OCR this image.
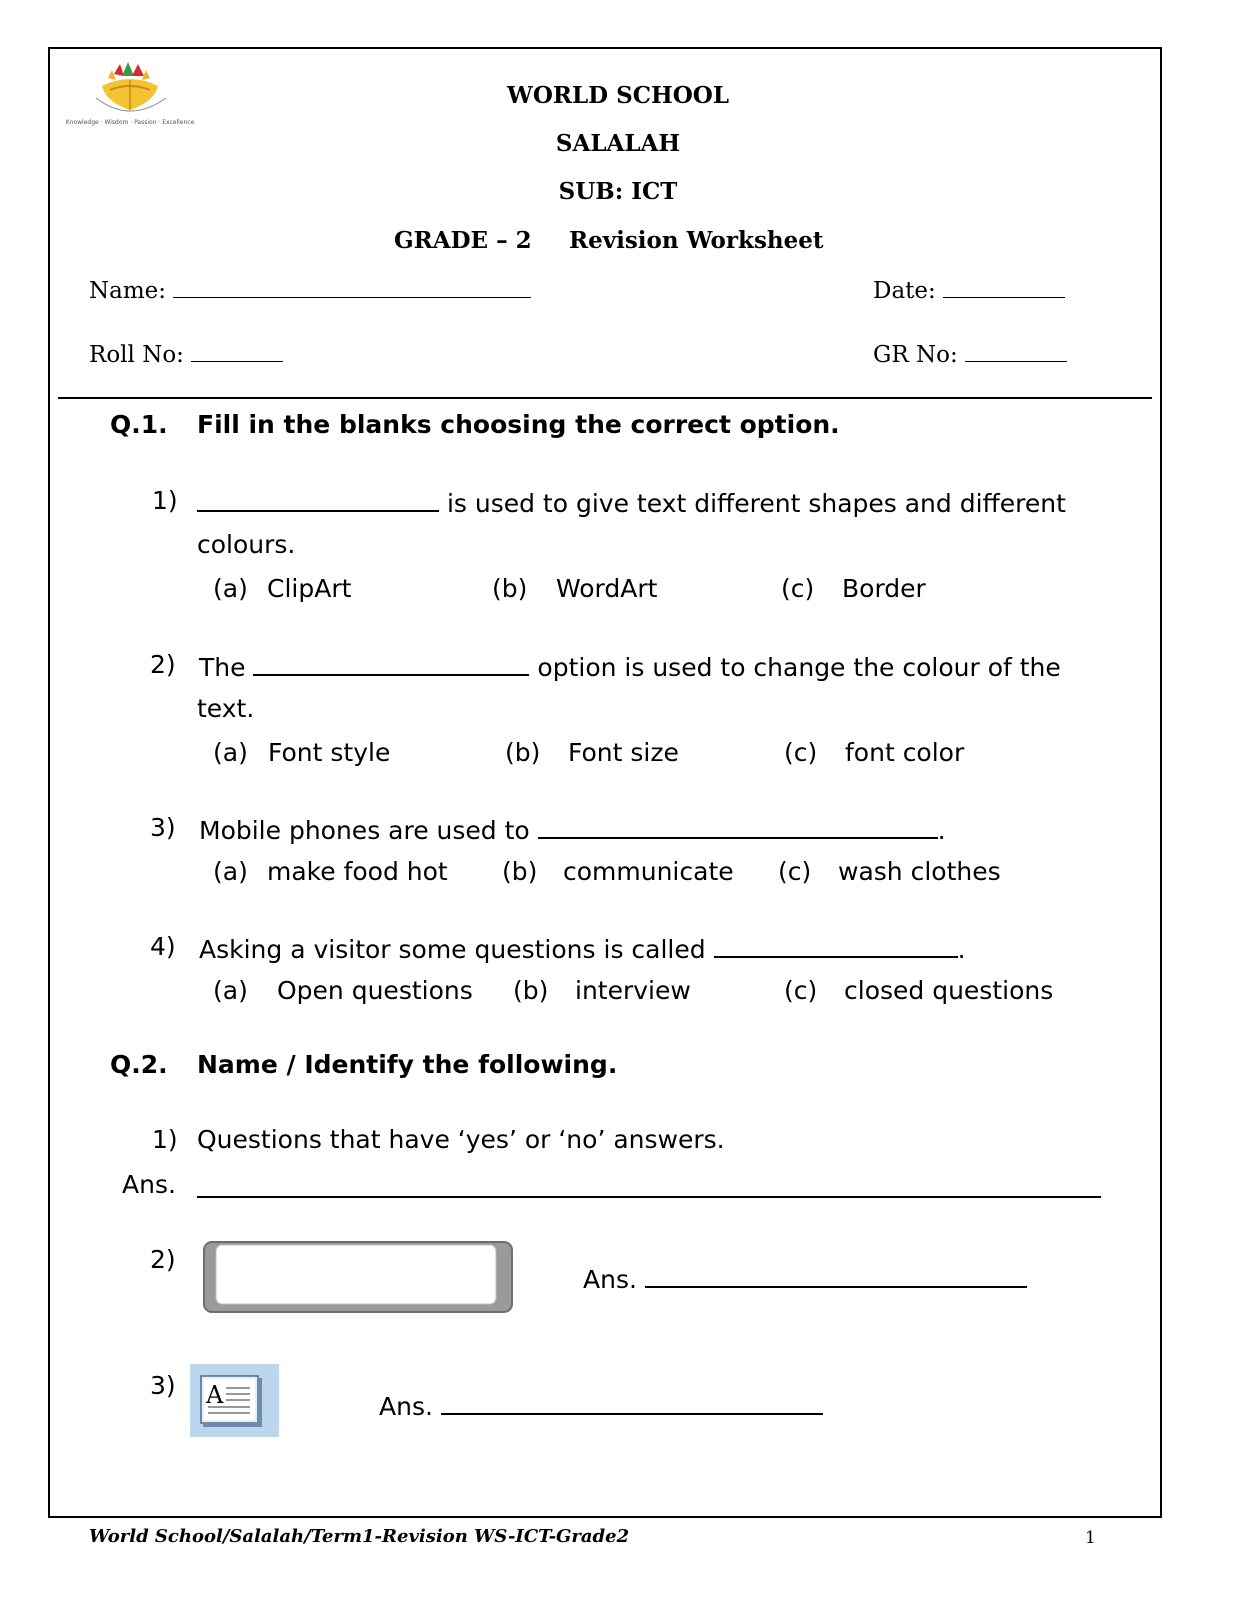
Knowledge · Wisdom · Passion · Excellence
WORLD SCHOOL
SALALAH
SUB: ICT
GRADE – 2 Revision Worksheet
Name:	Date:
Roll No:	GR No:
Q.1. Fill in the blanks choosing the correct option.
1)	is used to give text different shapes and different
colours.
(a) ClipArt	(b) WordArt	(c) Border
2) The	option is used to change the colour of the
text.
(a) Font style	(b) Font size	(c) font color
3) Mobile phones are used to	.
(a) make food hot (b) communicate (c) wash clothes
4) Asking a visitor some questions is called	.
(a) Open questions (b) interview	(c) closed questions
Q.2. Name / Identify the following.
1) Questions that have ‘yes’ or ‘no’ answers.
Ans.
2)
Ans.
3) A	Ans.
World School/Salalah/Term1-Revision WS-ICT-Grade2	1
